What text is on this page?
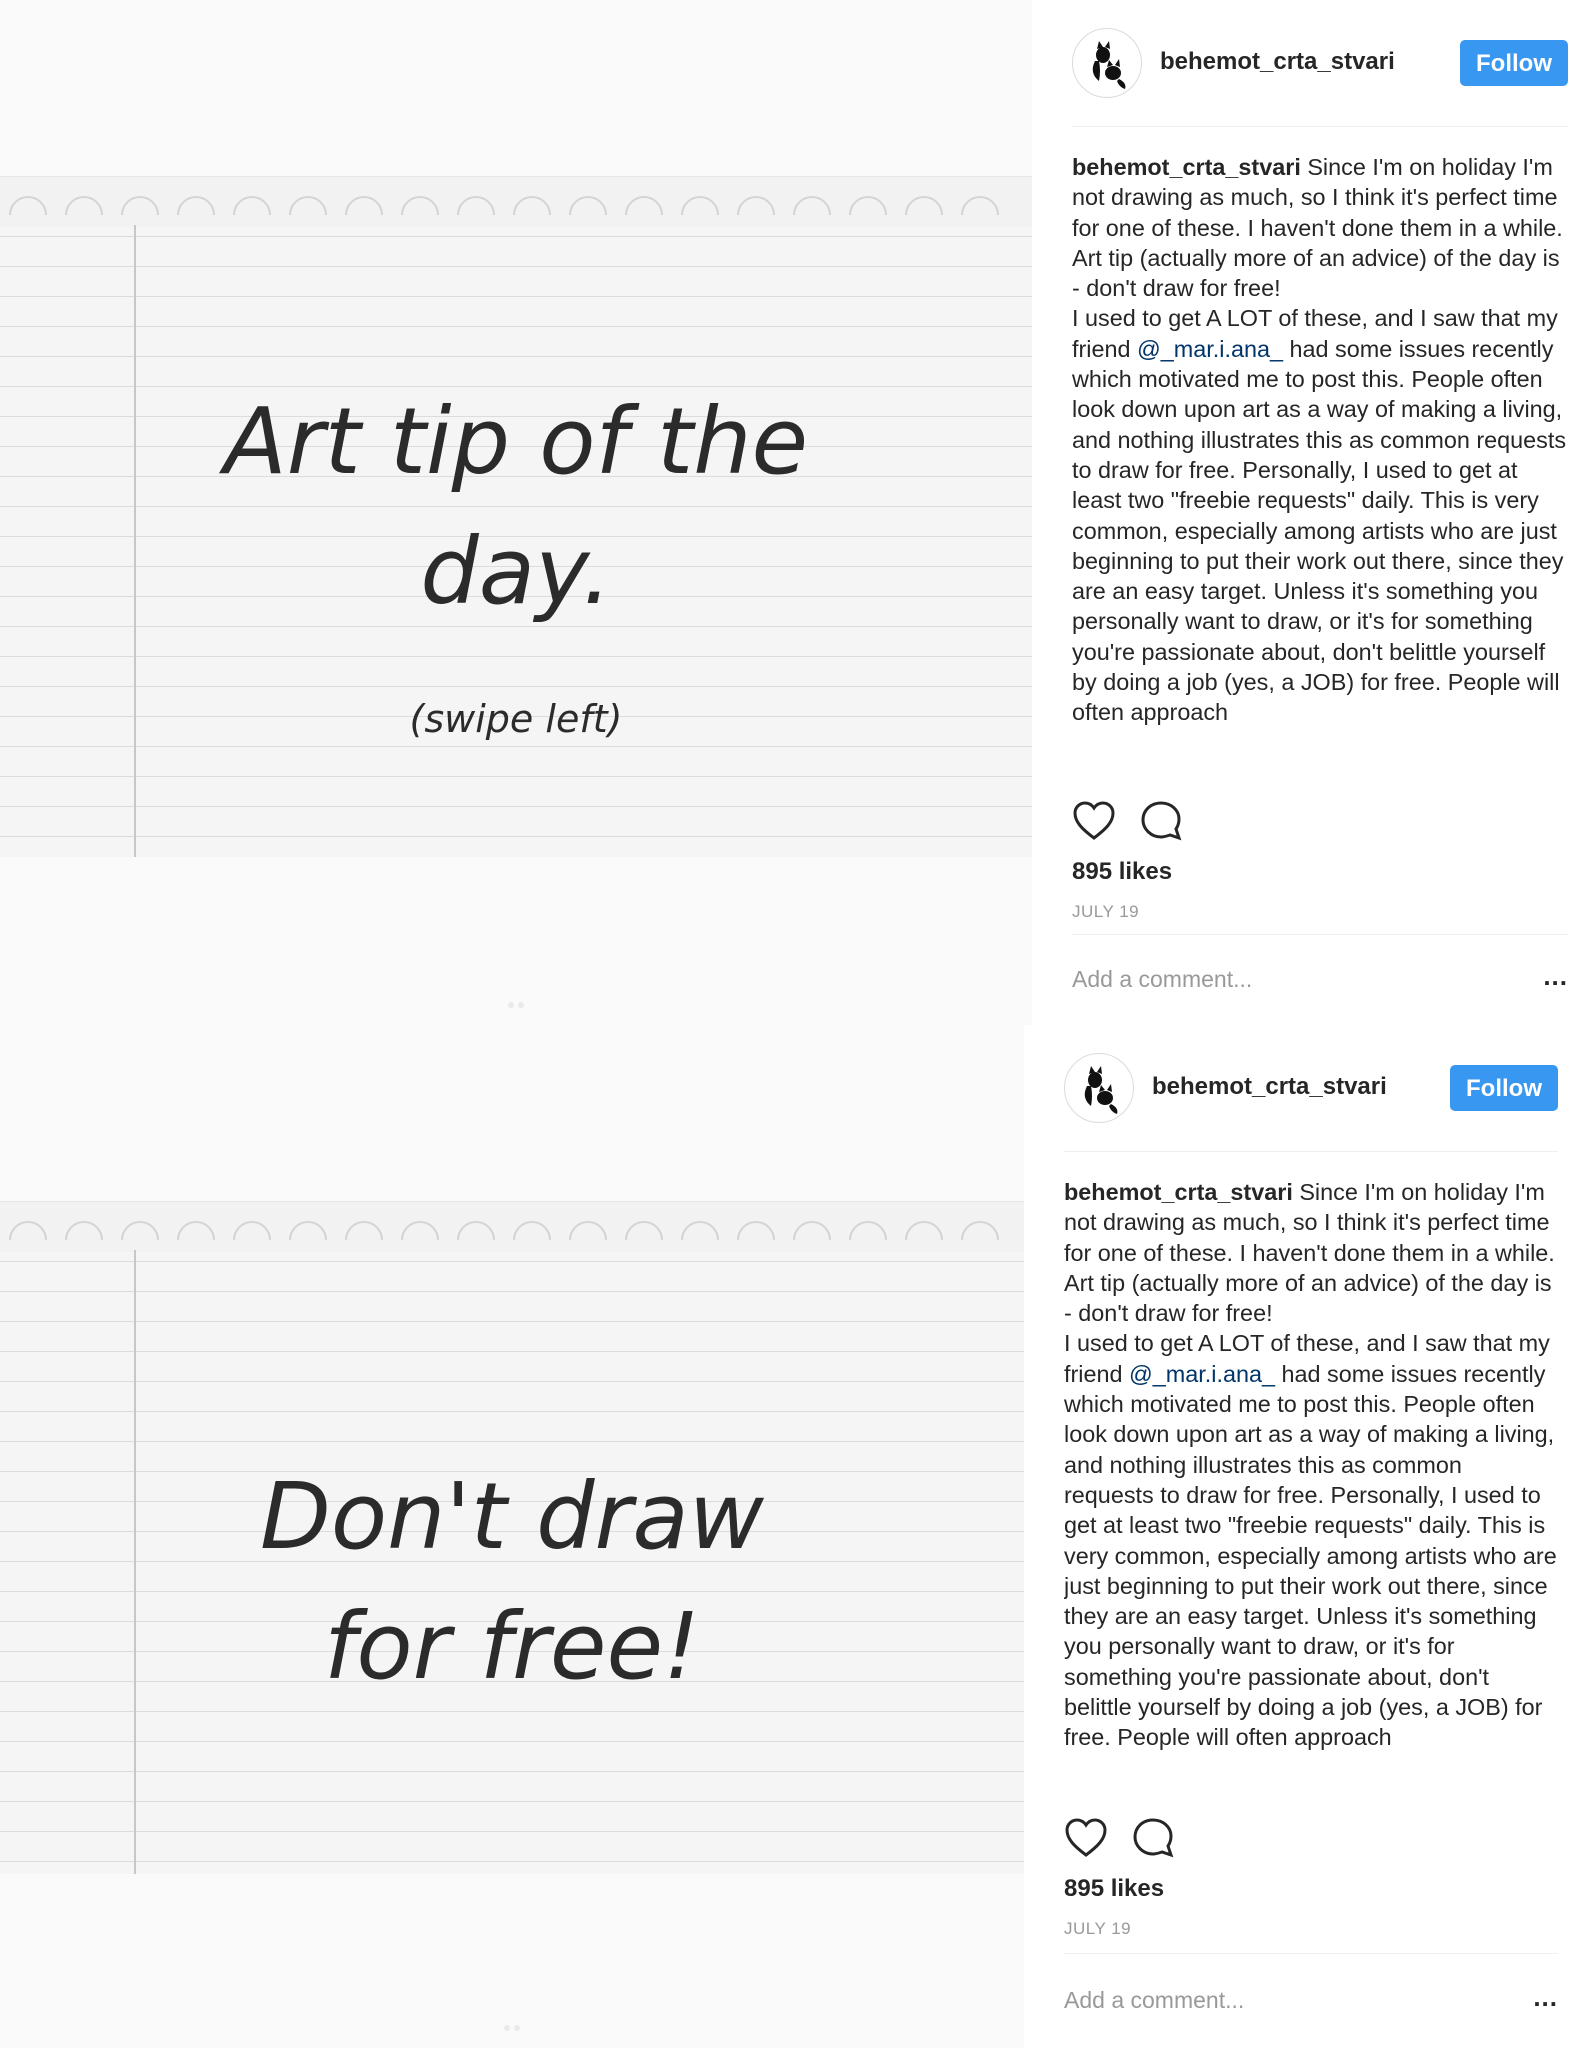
Art tip of the
day.
(swipe left)
behemot_crta_stvari	Follow

behemot_crta_stvari Since I'm on holiday I'm not drawing as much, so I think it's perfect time for one of these. I haven't done them in a while. Art tip (actually more of an advice) of the day is - don't draw for free!

I used to get A LOT of these, and I saw that my friend @_mar.i.ana_ had some issues recently which motivated me to post this. People often look down upon art as a way of making a living, and nothing illustrates this as common requests to draw for free. Personally, I used to get at least two "freebie requests" daily. This is very common, especially among artists who are just beginning to put their work out there, since they are an easy target. Unless it's something you personally want to draw, or it's for something you're passionate about, don't belittle yourself by doing a job (yes, a JOB) for free. People will often approach

895 likes
JULY 19
Add a comment...
...
Don't draw
for free!
behemot_crta_stvari	Follow

behemot_crta_stvari Since I'm on holiday I'm not drawing as much, so I think it's perfect time for one of these. I haven't done them in a while. Art tip (actually more of an advice) of the day is - don't draw for free!

I used to get A LOT of these, and I saw that my friend @_mar.i.ana_ had some issues recently which motivated me to post this. People often look down upon art as a way of making a living, and nothing illustrates this as common requests to draw for free. Personally, I used to get at least two "freebie requests" daily. This is very common, especially among artists who are just beginning to put their work out there, since they are an easy target. Unless it's something you personally want to draw, or it's for something you're passionate about, don't belittle yourself by doing a job (yes, a JOB) for free. People will often approach

895 likes
JULY 19
Add a comment...
...
